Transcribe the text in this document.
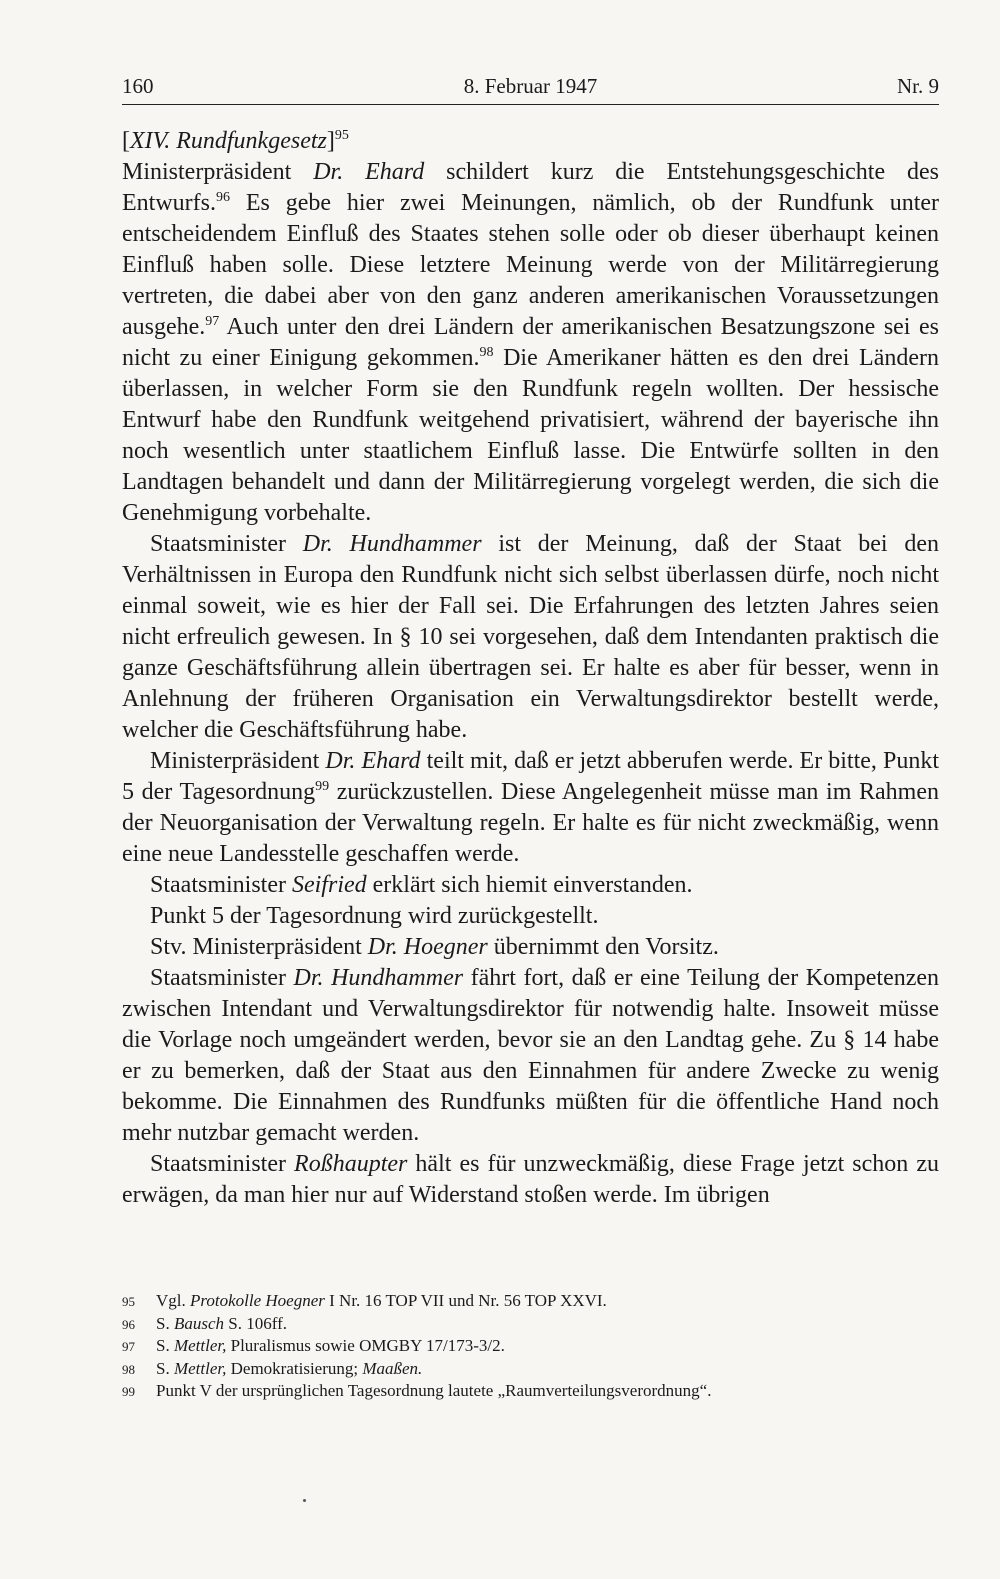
160	8. Februar 1947	Nr. 9

[XIV. Rundfunkgesetz]$^{95}$

Ministerpräsident Dr. Ehard schildert kurz die Entstehungsgeschichte des Entwurfs.$^{96}$ Es gebe hier zwei Meinungen, nämlich, ob der Rundfunk unter entscheidendem Einfluß des Staates stehen solle oder ob dieser überhaupt keinen Einfluß haben solle. Diese letztere Meinung werde von der Militärregierung vertreten, die dabei aber von den ganz anderen amerikanischen Voraussetzungen ausgehe.$^{97}$ Auch unter den drei Ländern der amerikanischen Besatzungszone sei es nicht zu einer Einigung gekommen.$^{98}$ Die Amerikaner hätten es den drei Ländern überlassen, in welcher Form sie den Rundfunk regeln wollten. Der hessische Entwurf habe den Rundfunk weitgehend privatisiert, während der bayerische ihn noch wesentlich unter staatlichem Einfluß lasse. Die Entwürfe sollten in den Landtagen behandelt und dann der Militärregierung vorgelegt werden, die sich die Genehmigung vorbehalte.

Staatsminister Dr. Hundhammer ist der Meinung, daß der Staat bei den Verhältnissen in Europa den Rundfunk nicht sich selbst überlassen dürfe, noch nicht einmal soweit, wie es hier der Fall sei. Die Erfahrungen des letzten Jahres seien nicht erfreulich gewesen. In § 10 sei vorgesehen, daß dem Intendanten praktisch die ganze Geschäftsführung allein übertragen sei. Er halte es aber für besser, wenn in Anlehnung der früheren Organisation ein Verwaltungsdirektor bestellt werde, welcher die Geschäftsführung habe.

Ministerpräsident Dr. Ehard teilt mit, daß er jetzt abberufen werde. Er bitte, Punkt 5 der Tagesordnung$^{99}$ zurückzustellen. Diese Angelegenheit müsse man im Rahmen der Neuorganisation der Verwaltung regeln. Er halte es für nicht zweckmäßig, wenn eine neue Landesstelle geschaffen werde.

Staatsminister Seifried erklärt sich hiemit einverstanden.

Punkt 5 der Tagesordnung wird zurückgestellt.

Stv. Ministerpräsident Dr. Hoegner übernimmt den Vorsitz.

Staatsminister Dr. Hundhammer fährt fort, daß er eine Teilung der Kompetenzen zwischen Intendant und Verwaltungsdirektor für notwendig halte. Insoweit müsse die Vorlage noch umgeändert werden, bevor sie an den Landtag gehe. Zu § 14 habe er zu bemerken, daß der Staat aus den Einnahmen für andere Zwecke zu wenig bekomme. Die Einnahmen des Rundfunks müßten für die öffentliche Hand noch mehr nutzbar gemacht werden.

Staatsminister Roßhaupter hält es für unzweckmäßig, diese Frage jetzt schon zu erwägen, da man hier nur auf Widerstand stoßen werde. Im übrigen

95	Vgl. Protokolle Hoegner I Nr. 16 TOP VII und Nr. 56 TOP XXVI.
96	S. Bausch S. 106ff.
97	S. Mettler, Pluralismus sowie OMGBY 17/173-3/2.
98	S. Mettler, Demokratisierung; Maaßen.
99	Punkt V der ursprünglichen Tagesordnung lautete „Raumverteilungsverordnung“.
